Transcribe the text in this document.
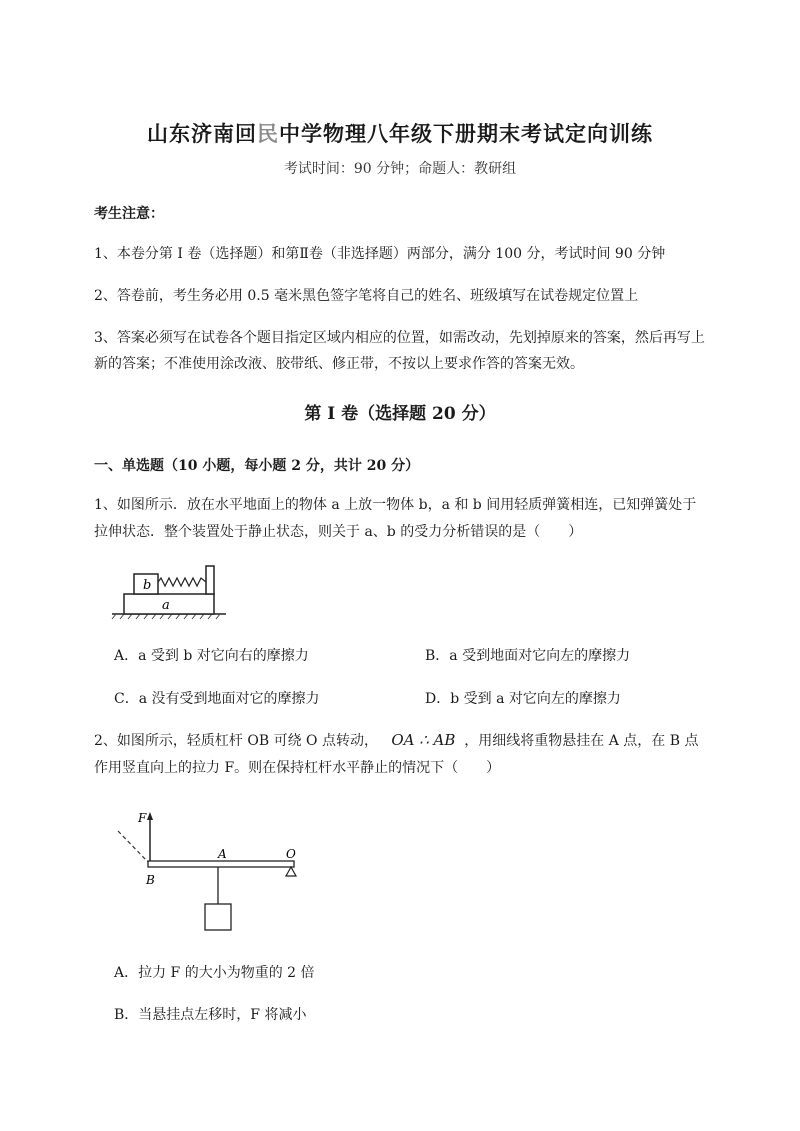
山东济南回民中学物理八年级下册期末考试定向训练
考试时间：90 分钟；命题人：教研组
考生注意：
1、本卷分第 I 卷（选择题）和第Ⅱ卷（非选择题）两部分，满分 100 分，考试时间 90 分钟
2、答卷前，考生务必用 0.5 毫米黑色签字笔将自己的姓名、班级填写在试卷规定位置上
3、答案必须写在试卷各个题目指定区域内相应的位置，如需改动，先划掉原来的答案，然后再写上新的答案；不准使用涂改液、胶带纸、修正带，不按以上要求作答的答案无效。
第 I 卷（选择题 20 分）
一、单选题（10 小题，每小题 2 分，共计 20 分）
1、如图所示．放在水平地面上的物体 a 上放一物体 b，a 和 b 间用轻质弹簧相连，已知弹簧处于拉伸状态．整个装置处于静止状态，则关于 a、b 的受力分析错误的是（　　）
b
a
A．a 受到 b 对它向右的摩擦力	B．a 受到地面对它向左的摩擦力
C．a 没有受到地面对它的摩擦力	D．b 受到 a 对它向左的摩擦力
2、如图所示，轻质杠杆 OB 可绕 O 点转动， OA ∴ AB ，用细线将重物悬挂在 A 点，在 B 点作用竖直向上的拉力 F。则在保持杠杆水平静止的情况下（　　）
F
O
A
B
A．拉力 F 的大小为物重的 2 倍
B．当悬挂点左移时，F 将减小
